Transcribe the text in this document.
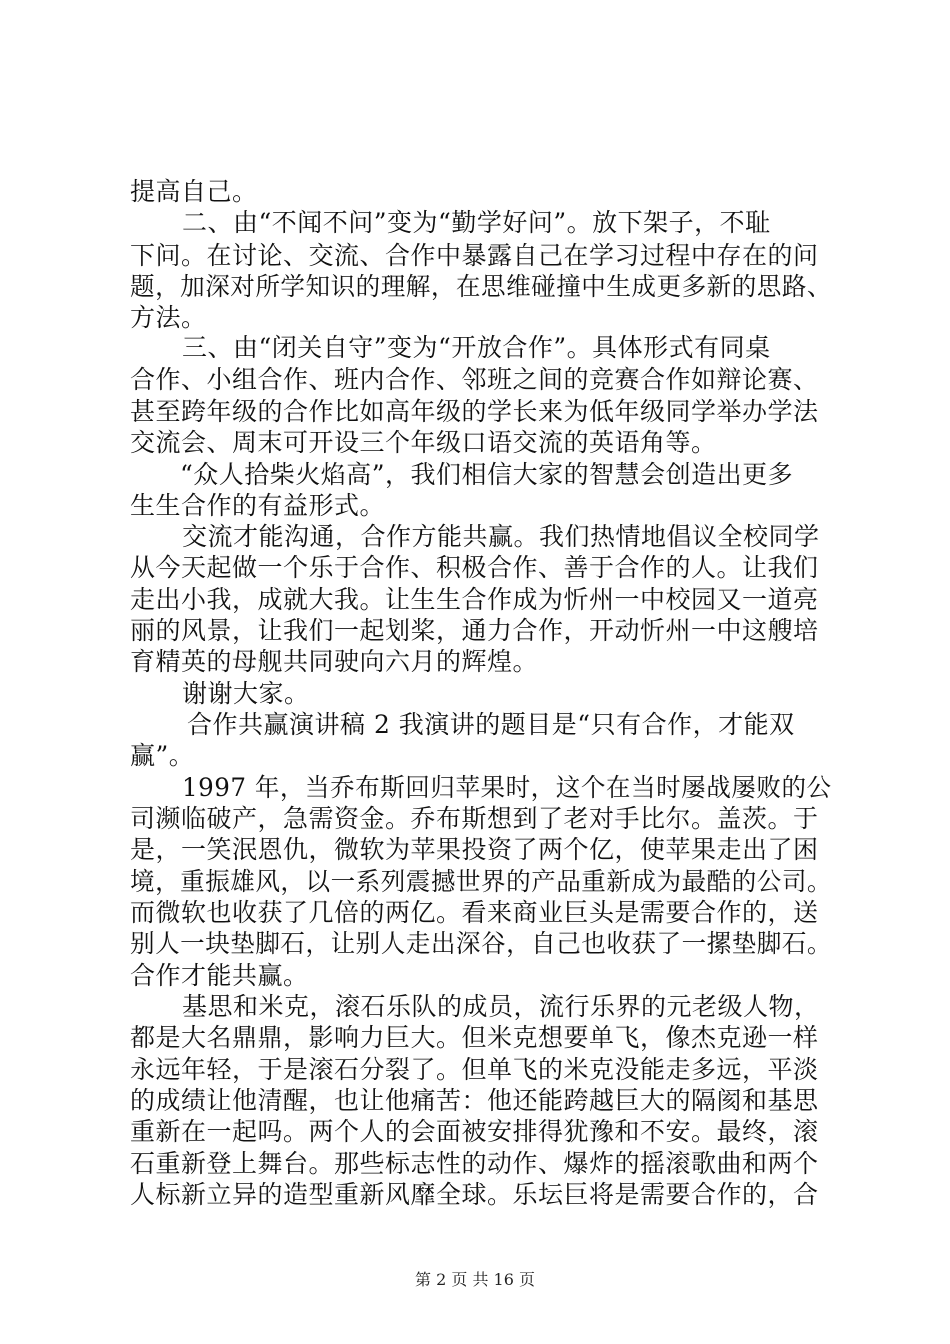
提高自己。
二、由“不闻不问”变为“勤学好问”。放下架子，不耻
下问。在讨论、交流、合作中暴露自己在学习过程中存在的问
题，加深对所学知识的理解，在思维碰撞中生成更多新的思路、
方法。
三、由“闭关自守”变为“开放合作”。具体形式有同桌
合作、小组合作、班内合作、邻班之间的竞赛合作如辩论赛、
甚至跨年级的合作比如高年级的学长来为低年级同学举办学法
交流会、周末可开设三个年级口语交流的英语角等。
“众人拾柴火焰高”，我们相信大家的智慧会创造出更多
生生合作的有益形式。
交流才能沟通，合作方能共赢。我们热情地倡议全校同学
从今天起做一个乐于合作、积极合作、善于合作的人。让我们
走出小我，成就大我。让生生合作成为忻州一中校园又一道亮
丽的风景，让我们一起划桨，通力合作，开动忻州一中这艘培
育精英的母舰共同驶向六月的辉煌。
谢谢大家。
合作共赢演讲稿 2 我演讲的题目是“只有合作，才能双
赢”。
1997 年，当乔布斯回归苹果时，这个在当时屡战屡败的公
司濒临破产，急需资金。乔布斯想到了老对手比尔。盖茨。于
是，一笑泯恩仇，微软为苹果投资了两个亿，使苹果走出了困
境，重振雄风，以一系列震撼世界的产品重新成为最酷的公司。
而微软也收获了几倍的两亿。看来商业巨头是需要合作的，送
别人一块垫脚石，让别人走出深谷，自己也收获了一摞垫脚石。
合作才能共赢。
基思和米克，滚石乐队的成员，流行乐界的元老级人物，
都是大名鼎鼎，影响力巨大。但米克想要单飞，像杰克逊一样
永远年轻，于是滚石分裂了。但单飞的米克没能走多远，平淡
的成绩让他清醒，也让他痛苦：他还能跨越巨大的隔阂和基思
重新在一起吗。两个人的会面被安排得犹豫和不安。最终，滚
石重新登上舞台。那些标志性的动作、爆炸的摇滚歌曲和两个
人标新立异的造型重新风靡全球。乐坛巨将是需要合作的，合
第 2 页 共 16 页
